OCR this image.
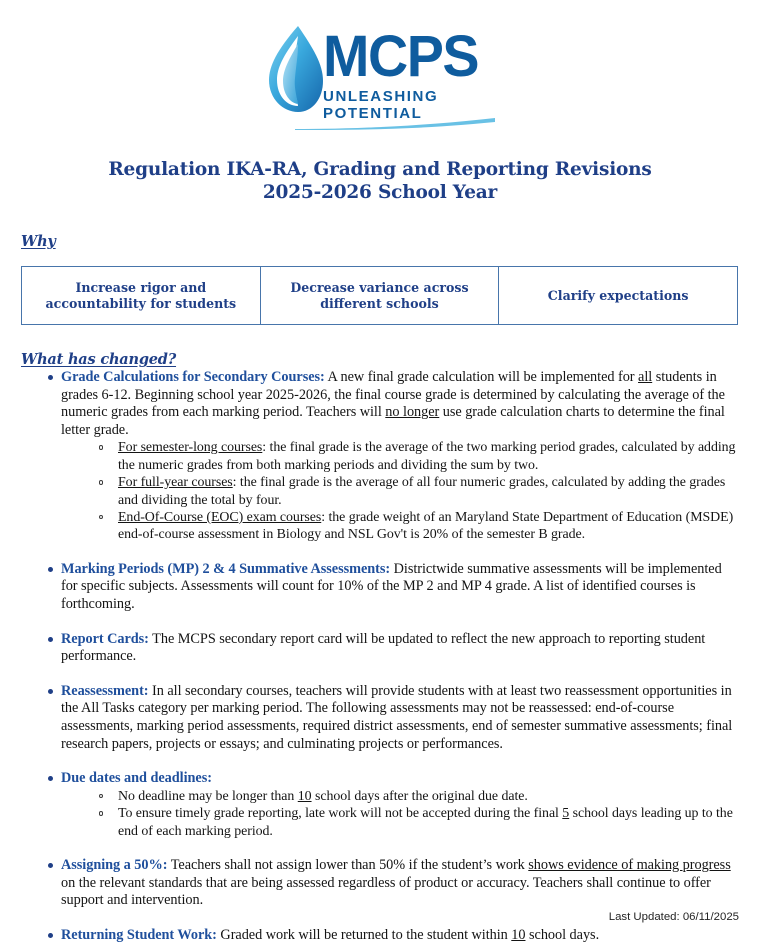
MCPS
UNLEASHING POTENTIAL
Regulation IKA-RA, Grading and Reporting Revisions
2025-2026 School Year
Why
Increase rigor and accountability for students	Decrease variance across different schools	Clarify expectations
What has changed?
Grade Calculations for Secondary Courses: A new final grade calculation will be implemented for all students in grades 6-12. Beginning school year 2025-2026, the final course grade is determined by calculating the average of the numeric grades from each marking period. Teachers will no longer use grade calculation charts to determine the final letter grade.
For semester-long courses: the final grade is the average of the two marking period grades, calculated by adding the numeric grades from both marking periods and dividing the sum by two.
For full-year courses: the final grade is the average of all four numeric grades, calculated by adding the grades and dividing the total by four.
End-Of-Course (EOC) exam courses: the grade weight of an Maryland State Department of Education (MSDE) end-of-course assessment in Biology and NSL Gov't is 20% of the semester B grade.
Marking Periods (MP) 2 & 4 Summative Assessments: Districtwide summative assessments will be implemented for specific subjects. Assessments will count for 10% of the MP 2 and MP 4 grade. A list of identified courses is forthcoming.
Report Cards: The MCPS secondary report card will be updated to reflect the new approach to reporting student performance.
Reassessment: In all secondary courses, teachers will provide students with at least two reassessment opportunities in the All Tasks category per marking period. The following assessments may not be reassessed: end-of-course assessments, marking period assessments, required district assessments, end of semester summative assessments; final research papers, projects or essays; and culminating projects or performances.
Due dates and deadlines:
No deadline may be longer than 10 school days after the original due date.
To ensure timely grade reporting, late work will not be accepted during the final 5 school days leading up to the end of each marking period.
Assigning a 50%: Teachers shall not assign lower than 50% if the student’s work shows evidence of making progress on the relevant standards that are being assessed regardless of product or accuracy. Teachers shall continue to offer support and intervention.
Returning Student Work: Graded work will be returned to the student within 10 school days.
Last Updated: 06/11/2025
